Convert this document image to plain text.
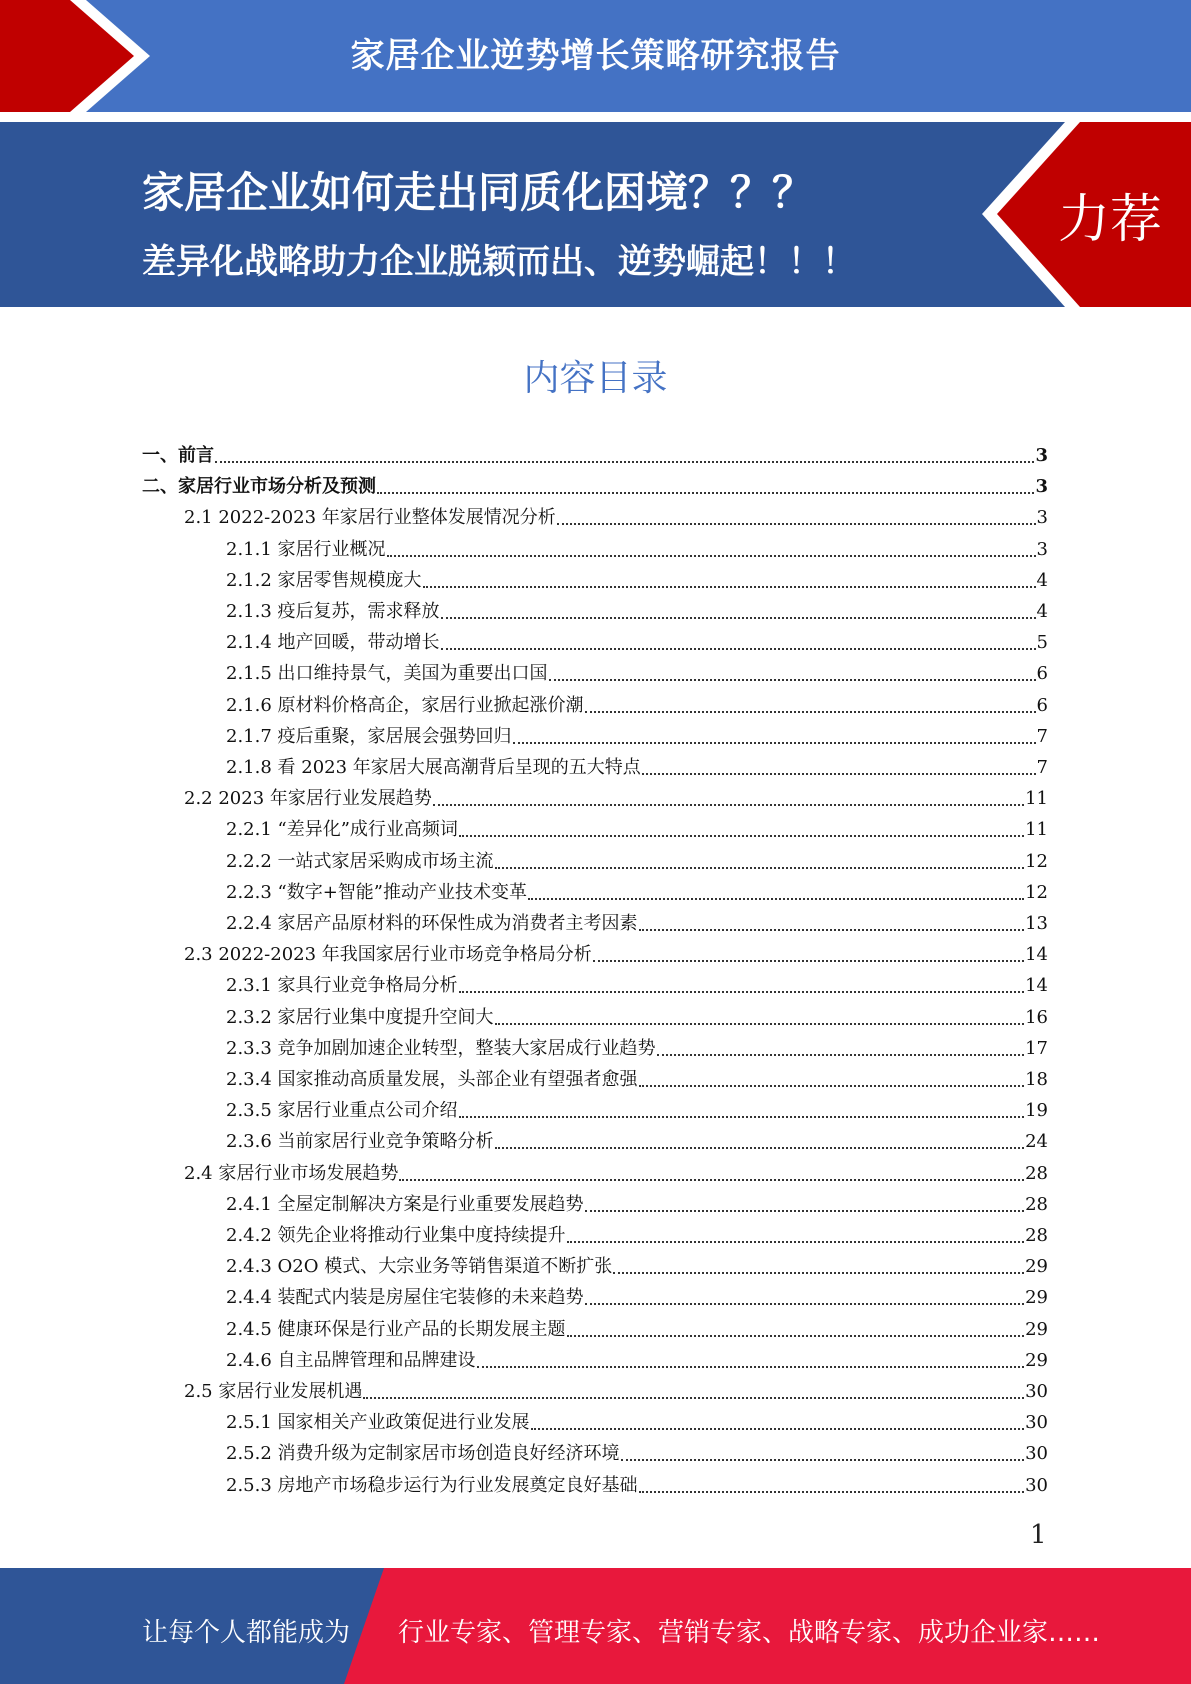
家居企业逆势增长策略研究报告
家居企业如何走出同质化困境？？？
差异化战略助力企业脱颖而出、逆势崛起！！！
力荐
内容目录
一、前言	3
二、家居行业市场分析及预测	3
2.1 2022-2023 年家居行业整体发展情况分析	3
2.1.1 家居行业概况	3
2.1.2 家居零售规模庞大	4
2.1.3 疫后复苏，需求释放	4
2.1.4 地产回暖，带动增长	5
2.1.5 出口维持景气，美国为重要出口国	6
2.1.6 原材料价格高企，家居行业掀起涨价潮	6
2.1.7 疫后重聚，家居展会强势回归	7
2.1.8 看 2023 年家居大展高潮背后呈现的五大特点	7
2.2 2023 年家居行业发展趋势	11
2.2.1 “差异化”成行业高频词	11
2.2.2 一站式家居采购成市场主流	12
2.2.3 “数字+智能”推动产业技术变革	12
2.2.4 家居产品原材料的环保性成为消费者主考因素	13
2.3 2022-2023 年我国家居行业市场竞争格局分析	14
2.3.1 家具行业竞争格局分析	14
2.3.2 家居行业集中度提升空间大	16
2.3.3 竞争加剧加速企业转型，整装大家居成行业趋势	17
2.3.4 国家推动高质量发展，头部企业有望强者愈强	18
2.3.5 家居行业重点公司介绍	19
2.3.6 当前家居行业竞争策略分析	24
2.4 家居行业市场发展趋势	28
2.4.1 全屋定制解决方案是行业重要发展趋势	28
2.4.2 领先企业将推动行业集中度持续提升	28
2.4.3 O2O 模式、大宗业务等销售渠道不断扩张	29
2.4.4 装配式内装是房屋住宅装修的未来趋势	29
2.4.5 健康环保是行业产品的长期发展主题	29
2.4.6 自主品牌管理和品牌建设	29
2.5 家居行业发展机遇	30
2.5.1 国家相关产业政策促进行业发展	30
2.5.2 消费升级为定制家居市场创造良好经济环境	30
2.5.3 房地产市场稳步运行为行业发展奠定良好基础	30
1
让每个人都能成为 行业专家、管理专家、营销专家、战略专家、成功企业家……
